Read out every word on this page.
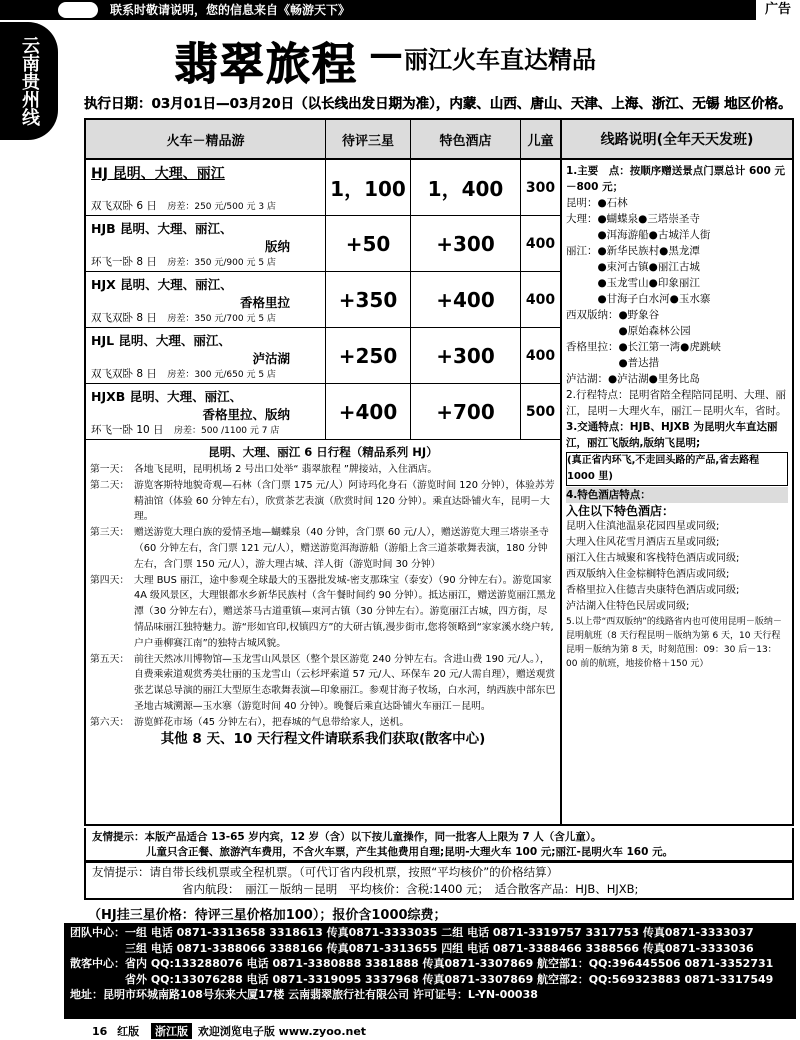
联系时敬请说明，您的信息来自《畅游天下》	广告
云南贵州线	翡翠旅程 — 丽江火车直达精品
执行日期：03月01日—03月20日（以长线出发日期为准），内蒙、山西、唐山、天津、上海、浙江、无锡 地区价格。
火车－精品游	待评三星	特色酒店	儿童
HJ 昆明、大理、丽江
双飞双卧 6 日　 房差：250 元/500 元 3 店
1，100	1，400	300
HJB 昆明、大理、丽江、
版纳
环飞一卧 8 日　 房差：350 元/900 元 5 店
+50	+300	400
HJX 昆明、大理、丽江、
香格里拉
双飞双卧 8 日　 房差：350 元/700 元 5 店
+350	+400	400
HJL 昆明、大理、丽江、
泸沽湖
双飞双卧 8 日　 房差：300 元/650 元 5 店
+250	+300	400
HJXB 昆明、大理、丽江、
香格里拉、版纳
环飞一卧 10 日　 房差：500 /1100 元 7 店
+400	+700	500
昆明、大理、丽江 6 日行程（精品系列 HJ）
第一天： 各地飞昆明，昆明机场 2 号出口处举“ 翡翠旅程 ”牌接站，入住酒店。
第二天： 游览客斯特地貌奇观—石林（含门票 175 元/人）阿诗玛化身石（游览时间 120 分钟），体验苏芳精油馆（体验 60 分钟左右），欣赏茶艺表演（欣赏时间 120 分钟）。乘直达卧铺火车，昆明－大理。
第三天： 赠送游览大理白族的爱情圣地—蝴蝶泉（40 分钟，含门票 60 元/人），赠送游览大理三塔崇圣寺（60 分钟左右，含门票 121 元/人），赠送游览洱海游船（游船上含三道茶歌舞表演，180 分钟左右，含门票 150 元/人），游大理古城、洋人街（游览时间 30 分钟）
第四天： 大理 BUS 丽江，途中参观全球最大的玉器批发城-密支那珠宝（泰安）（90 分钟左右）。游览国家 4A 级风景区，大理银都水乡新华民族村（含午餐时间约 90 分钟）。抵达丽江，赠送游览丽江黑龙潭（30 分钟左右），赠送茶马古道重镇—束河古镇（30 分钟左右）。游览丽江古城，四方街，尽情品味丽江独特魅力。游“形如官印,权镇四方”的大研古镇,漫步街市,您将领略到“家家溪水绕户转,户户垂柳赛江南”的独特古城风貌。
第五天： 前往天然冰川博物馆—玉龙雪山风景区（整个景区游览 240 分钟左右。含进山费 190 元/人。），自费乘索道观赏秀美壮丽的玉龙雪山（云杉坪索道 57 元/人、环保车 20 元/人需自理），赠送观赏张艺谋总导演的丽江大型原生态歌舞表演—印象丽江。参观甘海子牧场，白水河，纳西族中部东巴圣地古城溯源—玉水寨（游览时间 40 分钟）。晚餐后乘直达卧铺火车丽江－昆明。
第六天： 游览鲜花市场（45 分钟左右），把春城的气息带给家人，送机。
其他 8 天、10 天行程文件请联系我们获取(散客中心)
线路说明(全年天天发班)
1.主要　点：按顺序赠送景点门票总计 600 元－800 元；
昆明：●石林
大理：●蝴蝶泉●三塔崇圣寺
　　　●洱海游船●古城洋人街
丽江：●新华民族村●黑龙潭
　　　●束河古镇●丽江古城
　　　●玉龙雪山●印象丽江
　　　●甘海子白水河●玉水寨
西双版纳：●野象谷
　　　　　●原始森林公园
香格里拉：●长江第一湾●虎跳峡
　　　　　●普达措
泸沽湖：●泸沽湖●里务比岛
2.行程特点：昆明省陪全程陪同昆明、大理、丽江，昆明－大理火车，丽江－昆明火车，省时。
3.交通特点：HJB、HJXB 为昆明火车直达丽江，丽江飞版纳,版纳飞昆明;
(真正省内环飞,不走回头路的产品,省去路程 1000 里)
4.特色酒店特点：
入住以下特色酒店：
昆明入住滇池温泉花园四星或同级;
大理入住风花雪月酒店五星或同级;
丽江入住古城聚和客栈特色酒店或同级;
西双版纳入住金棕榈特色酒店或同级;
香格里拉入住德吉央康特色酒店或同级;
泸沽湖入住特色民居或同级;
5.以上带“西双版纳”的线路省内也可使用昆明－版纳－昆明航班（8 天行程昆明－版纳为第 6 天，10 天行程昆明－版纳为第 8 天，时刻范围：09：30 后－13：00 前的航班，地接价格＋150 元）
友情提示：本版产品适合 13-65 岁内宾，12 岁（含）以下按儿童操作，同一批客人上限为 7 人（含儿童）。
儿童只含正餐、旅游汽车费用，不含火车票，产生其他费用自理;昆明-大理火车 100 元;丽江-昆明火车 160 元。
友情提示：请自带长线机票或全程机票。（可代订省内段机票，按照“平均核价”的价格结算）
省内航段：　丽江－版纳－昆明　平均核价：含税:1400 元；　适合散客产品：HJB、HJXB;
（HJ挂三星价格：待评三星价格加100）；报价含1000综费；
团队中心：一组 电话 0871-3313658 3318613 传真0871-3333035 二组 电话 0871-3319757 3317753 传真0871-3333037
　　　　　三组 电话 0871-3388066 3388166 传真0871-3313655 四组 电话 0871-3388466 3388566 传真0871-3333036
散客中心：省内 QQ:133288076 电话 0871-3380888 3381888 传真0871-3307869 航空部1：QQ:396445506 0871-3352731
　　　　　省外 QQ:133076288 电话 0871-3319095 3337968 传真0871-3307869 航空部2：QQ:569323883 0871-3317549
地址：昆明市环城南路108号东来大厦17楼 云南翡翠旅行社有限公司 许可证号：L-YN-00038
16 红版 浙江版 欢迎浏览电子版 www.zyoo.net
